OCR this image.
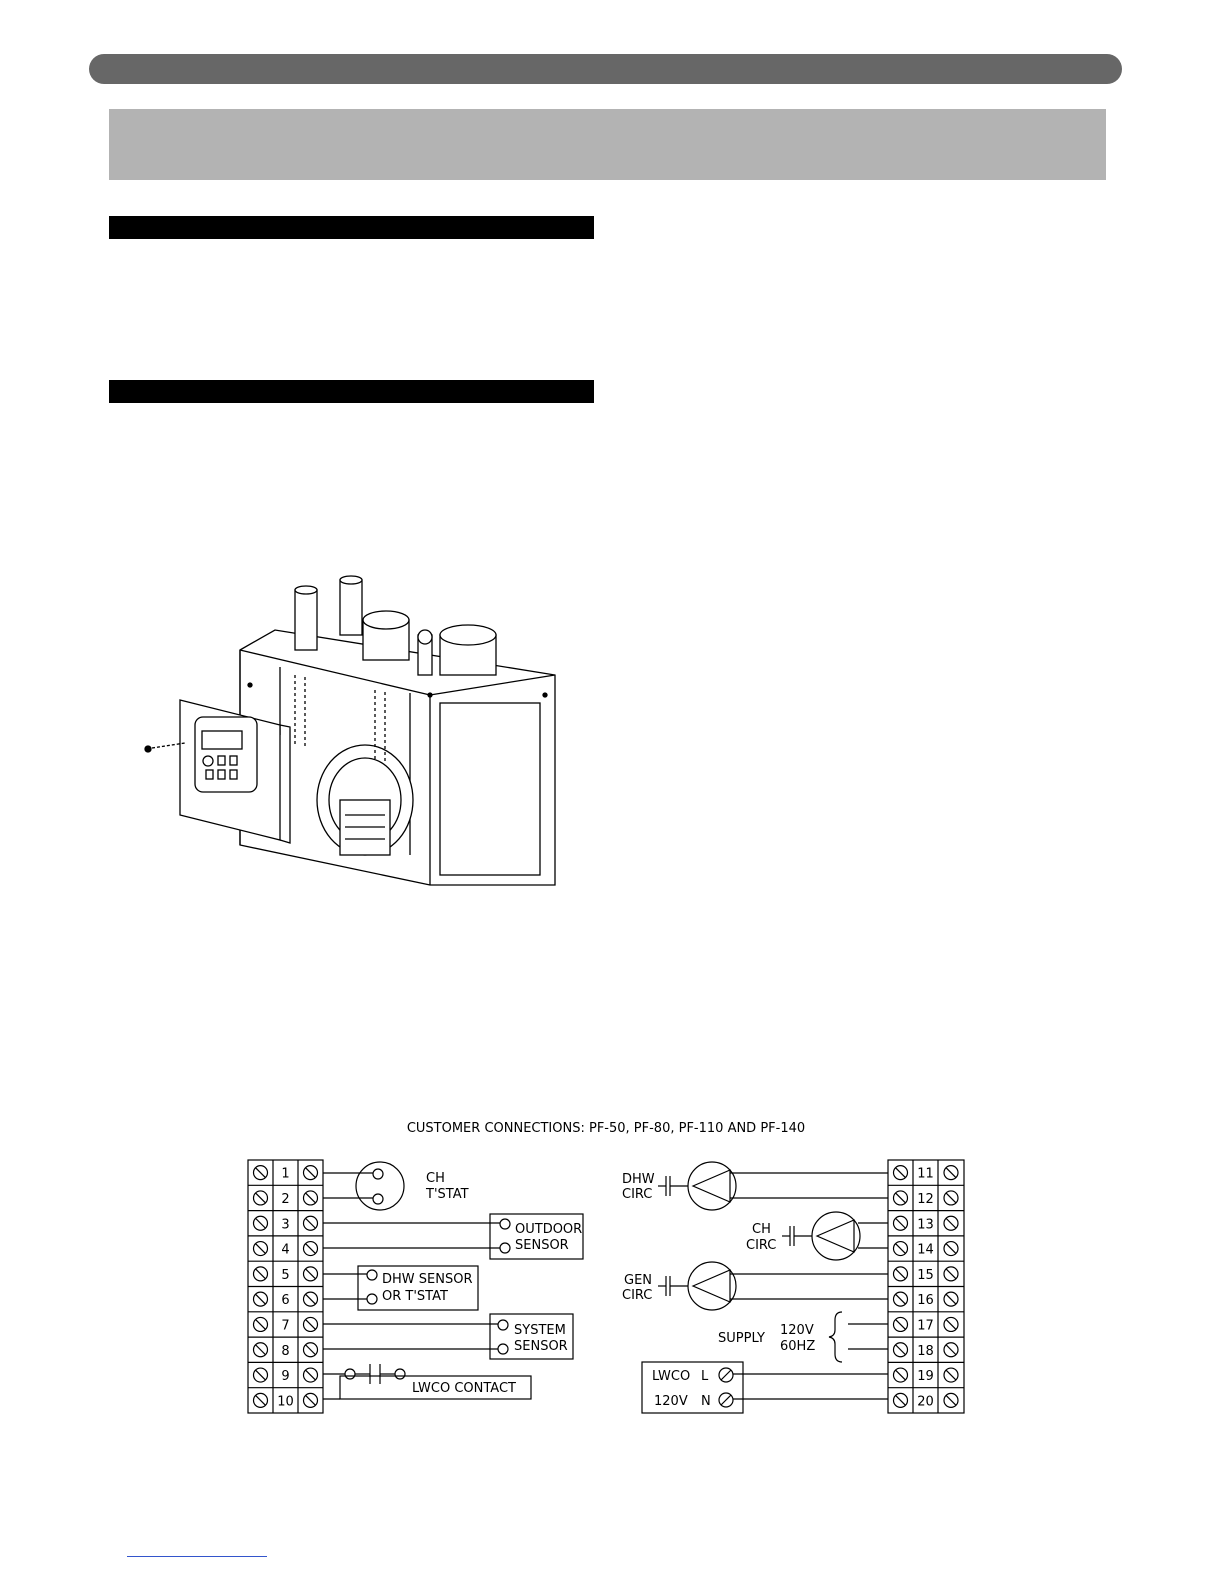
CUSTOMER CONNECTIONS: PF-50, PF-80, PF-110 AND PF-140
1
2
3
4
5
6
7
8
9
10
11
12
13
14
15
16
17
18
19
20
CH
T'STAT
OUTDOOR
SENSOR
DHW SENSOR
OR T'STAT
SYSTEM
SENSOR
LWCO CONTACT
DHW
CIRC
CH
CIRC
GEN
CIRC
SUPPLY
120V
60HZ
LWCO L
120V N
